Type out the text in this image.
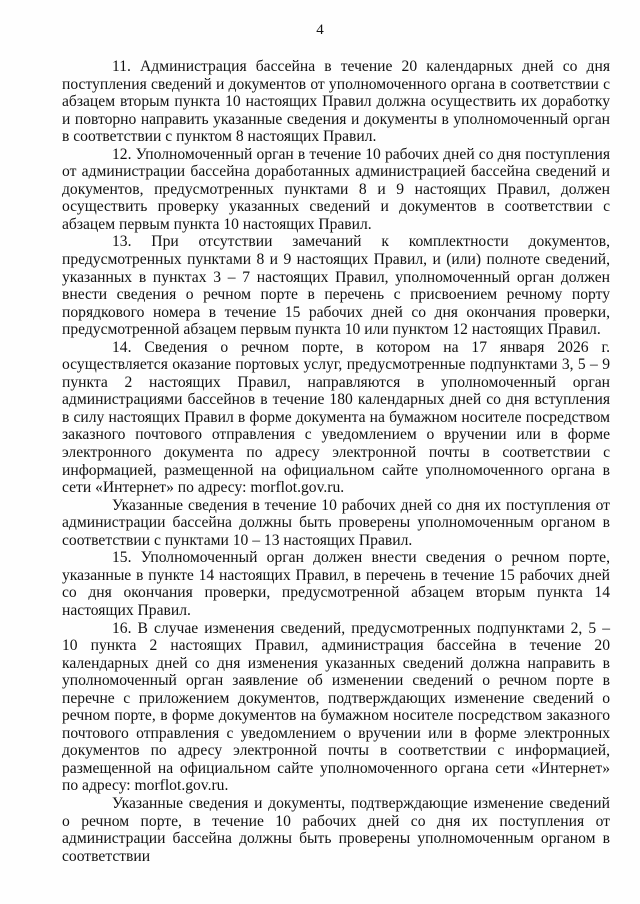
4

11. Администрация бассейна в течение 20 календарных дней со дня поступления сведений и документов от уполномоченного органа в соответствии с абзацем вторым пункта 10 настоящих Правил должна осуществить их доработку и повторно направить указанные сведения и документы в уполномоченный орган в соответствии с пунктом 8 настоящих Правил.

12. Уполномоченный орган в течение 10 рабочих дней со дня поступления от администрации бассейна доработанных администрацией бассейна сведений и документов, предусмотренных пунктами 8 и 9 настоящих Правил, должен осуществить проверку указанных сведений и документов в соответствии с абзацем первым пункта 10 настоящих Правил.

13. При отсутствии замечаний к комплектности документов, предусмотренных пунктами 8 и 9 настоящих Правил, и (или) полноте сведений, указанных в пунктах 3 – 7 настоящих Правил, уполномоченный орган должен внести сведения о речном порте в перечень с присвоением речному порту порядкового номера в течение 15 рабочих дней со дня окончания проверки, предусмотренной абзацем первым пункта 10 или пунктом 12 настоящих Правил.

14. Сведения о речном порте, в котором на 17 января 2026 г. осуществляется оказание портовых услуг, предусмотренные подпунктами 3, 5 – 9 пункта 2 настоящих Правил, направляются в уполномоченный орган администрациями бассейнов в течение 180 календарных дней со дня вступления в силу настоящих Правил в форме документа на бумажном носителе посредством заказного почтового отправления с уведомлением о вручении или в форме электронного документа по адресу электронной почты в соответствии с информацией, размещенной на официальном сайте уполномоченного органа в сети «Интернет» по адресу: morflot.gov.ru.

Указанные сведения в течение 10 рабочих дней со дня их поступления от администрации бассейна должны быть проверены уполномоченным органом в соответствии с пунктами 10 – 13 настоящих Правил.

15. Уполномоченный орган должен внести сведения о речном порте, указанные в пункте 14 настоящих Правил, в перечень в течение 15 рабочих дней со дня окончания проверки, предусмотренной абзацем вторым пункта 14 настоящих Правил.

16. В случае изменения сведений, предусмотренных подпунктами 2, 5 – 10 пункта 2 настоящих Правил, администрация бассейна в течение 20 календарных дней со дня изменения указанных сведений должна направить в уполномоченный орган заявление об изменении сведений о речном порте в перечне с приложением документов, подтверждающих изменение сведений о речном порте, в форме документов на бумажном носителе посредством заказного почтового отправления с уведомлением о вручении или в форме электронных документов по адресу электронной почты в соответствии с информацией, размещенной на официальном сайте уполномоченного органа сети «Интернет» по адресу: morflot.gov.ru.

Указанные сведения и документы, подтверждающие изменение сведений о речном порте, в течение 10 рабочих дней со дня их поступления от администрации бассейна должны быть проверены уполномоченным органом в соответствии
